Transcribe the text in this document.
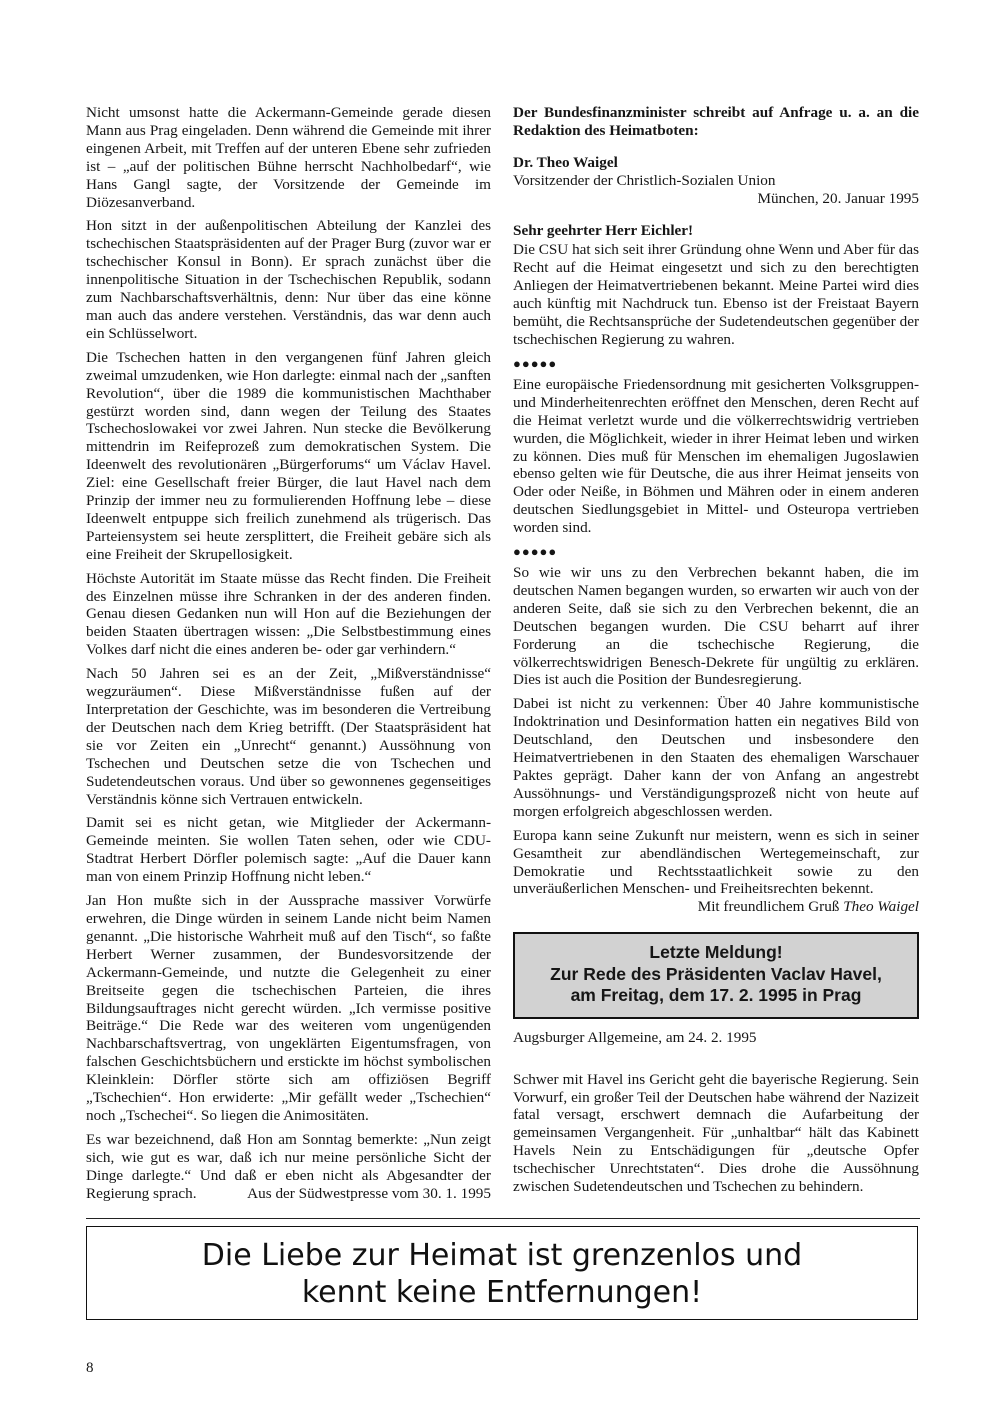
Nicht umsonst hatte die Ackermann-Gemeinde gerade diesen Mann aus Prag eingeladen. Denn während die Gemeinde mit ihrer eingenen Arbeit, mit Treffen auf der unteren Ebene sehr zufrieden ist – „auf der politischen Bühne herrscht Nachholbedarf“, wie Hans Gangl sagte, der Vorsitzende der Gemeinde im Diözesanverband.

Hon sitzt in der außenpolitischen Abteilung der Kanzlei des tschechischen Staatspräsidenten auf der Prager Burg (zuvor war er tschechischer Konsul in Bonn). Er sprach zunächst über die innenpolitische Situation in der Tschechischen Republik, sodann zum Nachbarschaftsverhältnis, denn: Nur über das eine könne man auch das andere verstehen. Verständnis, das war denn auch ein Schlüsselwort.

Die Tschechen hatten in den vergangenen fünf Jahren gleich zweimal umzudenken, wie Hon darlegte: einmal nach der „sanften Revolution“, über die 1989 die kommunistischen Machthaber gestürzt worden sind, dann wegen der Teilung des Staates Tschechoslowakei vor zwei Jahren. Nun stecke die Bevölkerung mittendrin im Reifeprozeß zum demokratischen System. Die Ideenwelt des revolutionären „Bürgerforums“ um Václav Havel. Ziel: eine Gesellschaft freier Bürger, die laut Havel nach dem Prinzip der immer neu zu formulierenden Hoffnung lebe – diese Ideenwelt entpuppe sich freilich zunehmend als trügerisch. Das Parteiensystem sei heute zersplittert, die Freiheit gebäre sich als eine Freiheit der Skrupellosigkeit.

Höchste Autorität im Staate müsse das Recht finden. Die Freiheit des Einzelnen müsse ihre Schranken in der des anderen finden. Genau diesen Gedanken nun will Hon auf die Beziehungen der beiden Staaten übertragen wissen: „Die Selbstbestimmung eines Volkes darf nicht die eines anderen be- oder gar verhindern.“

Nach 50 Jahren sei es an der Zeit, „Mißverständnisse“ wegzuräumen“. Diese Mißverständnisse fußen auf der Interpretation der Geschichte, was im besonderen die Vertreibung der Deutschen nach dem Krieg betrifft. (Der Staatspräsident hat sie vor Zeiten ein „Unrecht“ genannt.) Aussöhnung von Tschechen und Deutschen setze die von Tschechen und Sudetendeutschen voraus. Und über so gewonnenes gegenseitiges Verständnis könne sich Vertrauen entwickeln.

Damit sei es nicht getan, wie Mitglieder der Ackermann-Gemeinde meinten. Sie wollen Taten sehen, oder wie CDU-Stadtrat Herbert Dörfler polemisch sagte: „Auf die Dauer kann man von einem Prinzip Hoffnung nicht leben.“

Jan Hon mußte sich in der Aussprache massiver Vorwürfe erwehren, die Dinge würden in seinem Lande nicht beim Namen genannt. „Die historische Wahrheit muß auf den Tisch“, so faßte Herbert Werner zusammen, der Bundesvorsitzende der Ackermann-Gemeinde, und nutzte die Gelegenheit zu einer Breitseite gegen die tschechischen Parteien, die ihres Bildungsauftrages nicht gerecht würden. „Ich vermisse positive Beiträge.“ Die Rede war des weiteren vom ungenügenden Nachbarschaftsvertrag, von ungeklärten Eigentumsfragen, von falschen Geschichtsbüchern und erstickte im höchst symbolischen Kleinklein: Dörfler störte sich am offiziösen Begriff „Tschechien“. Hon erwiderte: „Mir gefällt weder „Tschechien“ noch „Tschechei“. So liegen die Animositäten.

Es war bezeichnend, daß Hon am Sonntag bemerkte: „Nun zeigt sich, wie gut es war, daß ich nur meine persönliche Sicht der Dinge darlegte.“ Und daß er eben nicht als Abgesandter der Regierung sprach.	Aus der Südwestpresse vom 30. 1. 1995

Der Bundesfinanzminister schreibt auf Anfrage u. a. an die Redaktion des Heimatboten:

Dr. Theo Waigel

Vorsitzender der Christlich-Sozialen Union

München, 20. Januar 1995

Sehr geehrter Herr Eichler!

Die CSU hat sich seit ihrer Gründung ohne Wenn und Aber für das Recht auf die Heimat eingesetzt und sich zu den berechtigten Anliegen der Heimatvertriebenen bekannt. Meine Partei wird dies auch künftig mit Nachdruck tun. Ebenso ist der Freistaat Bayern bemüht, die Rechtsansprüche der Sudetendeutschen gegenüber der tschechischen Regierung zu wahren.

●●●●●

Eine europäische Friedensordnung mit gesicherten Volksgruppen- und Minderheitenrechten eröffnet den Menschen, deren Recht auf die Heimat verletzt wurde und die völkerrechtswidrig vertrieben wurden, die Möglichkeit, wieder in ihrer Heimat leben und wirken zu können. Dies muß für Menschen im ehemaligen Jugoslawien ebenso gelten wie für Deutsche, die aus ihrer Heimat jenseits von Oder oder Neiße, in Böhmen und Mähren oder in einem anderen deutschen Siedlungsgebiet in Mittel- und Osteuropa vertrieben worden sind.

●●●●●

So wie wir uns zu den Verbrechen bekannt haben, die im deutschen Namen begangen wurden, so erwarten wir auch von der anderen Seite, daß sie sich zu den Verbrechen bekennt, die an Deutschen begangen wurden. Die CSU beharrt auf ihrer Forderung an die tschechische Regierung, die völkerrechtswidrigen Benesch-Dekrete für ungültig zu erklären. Dies ist auch die Position der Bundesregierung.

Dabei ist nicht zu verkennen: Über 40 Jahre kommunistische Indoktrination und Desinformation hatten ein negatives Bild von Deutschland, den Deutschen und insbesondere den Heimatvertriebenen in den Staaten des ehemaligen Warschauer Paktes geprägt. Daher kann der von Anfang an angestrebt Aussöhnungs- und Verständigungsprozeß nicht von heute auf morgen erfolgreich abgeschlossen werden.

Europa kann seine Zukunft nur meistern, wenn es sich in seiner Gesamtheit zur abendländischen Wertegemeinschaft, zur Demokratie und Rechtsstaatlichkeit sowie zu den unveräußerlichen Menschen- und Freiheitsrechten bekennt.

Mit freundlichem Gruß Theo Waigel

Letzte Meldung!
Zur Rede des Präsidenten Vaclav Havel,
am Freitag, dem 17. 2. 1995 in Prag

Augsburger Allgemeine, am 24. 2. 1995

Schwer mit Havel ins Gericht geht die bayerische Regierung. Sein Vorwurf, ein großer Teil der Deutschen habe während der Nazizeit fatal versagt, erschwert demnach die Aufarbeitung der gemeinsamen Vergangenheit. Für „unhaltbar“ hält das Kabinett Havels Nein zu Entschädigungen für „deutsche Opfer tschechischer Unrechtstaten“. Dies drohe die Aussöhnung zwischen Sudetendeutschen und Tschechen zu behindern.

Die Liebe zur Heimat ist grenzenlos und
kennt keine Entfernungen!
8
